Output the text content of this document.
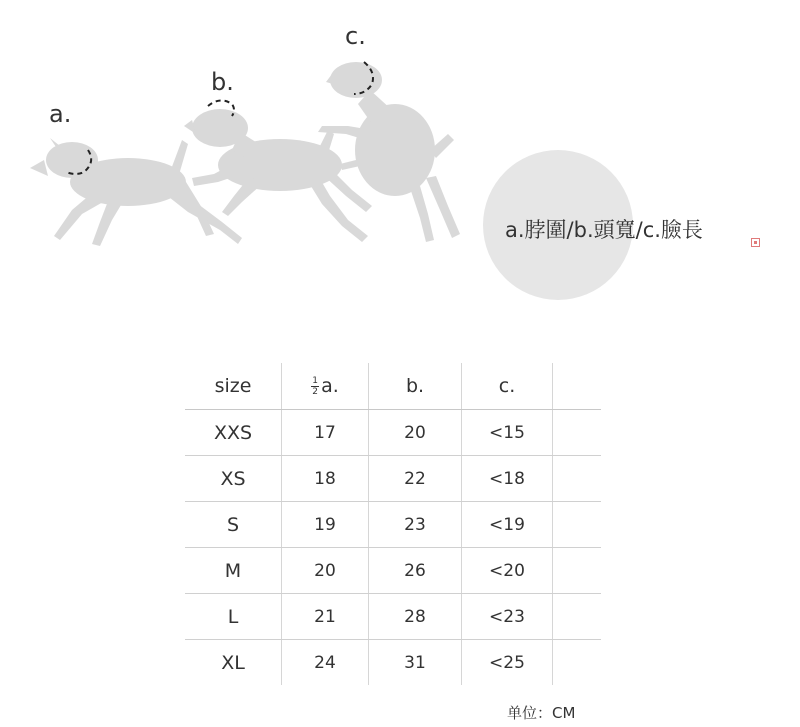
a.
b.
c.
a.脖圍/b.頭寬/c.臉長
size	$\frac{1}{2} a$.	b.	c.	
XXS	17	20	<15	
XS	18	22	<18	
S	19	23	<19	
M	20	26	<20	
L	21	28	<23	
XL	24	31	<25	
单位：CM
